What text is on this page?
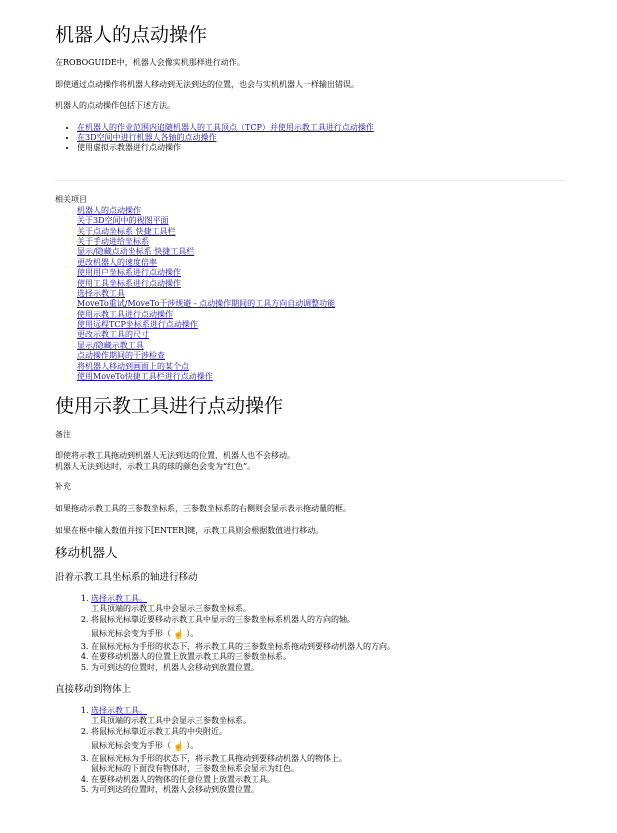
机器人的点动操作

在ROBOGUIDE中，机器人会像实机那样进行动作。

即使通过点动操作将机器人移动到无法到达的位置，也会与实机机器人一样输出错误。

机器人的点动操作包括下述方法。

• 在机器人的作业范围内追随机器人的工具顶点（TCP）并使用示教工具进行点动操作
• 在3D空间中进行机器人各轴的点动操作
• 使用虚拟示教器进行点动操作
相关项目
机器人的点动操作
关于3D空间中的视图平面
关于点动坐标系 快捷工具栏
关于手动进给坐标系
显示/隐藏点动坐标系 快捷工具栏
更改机器人的速度倍率
使用用户坐标系进行点动操作
使用工具坐标系进行点动操作
选择示教工具
MoveTo重试/MoveTo干涉规避 - 点动操作期间的工具方向自动调整功能
使用示教工具进行点动操作
使用远程TCP坐标系进行点动操作
更改示教工具的尺寸
显示/隐藏示教工具
点动操作期间的干涉检查
将机器人移动到画面上的某个点
使用MoveTo快捷工具栏进行点动操作
使用示教工具进行点动操作

备注

即使将示教工具拖动到机器人无法到达的位置，机器人也不会移动。

机器人无法到达时，示教工具的球的颜色会变为“红色”。

补充

如果拖动示教工具的三参数坐标系，三参数坐标系的右侧则会显示表示拖动量的框。

如果在框中输入数值并按下[ENTER]键，示教工具则会根据数值进行移动。

移动机器人
沿着示教工具坐标系的轴进行移动
1. 选择示教工具。
工具顶端的示教工具中会显示三参数坐标系。
2. 将鼠标光标靠近要移动示教工具中显示的三参数坐标系机器人的方向的轴。
鼠标光标会变为手形（ ☝ ）。
3. 在鼠标光标为手形的状态下，将示教工具的三参数坐标系拖动到要移动机器人的方向。
4. 在要移动机器人的位置上放置示教工具的三参数坐标系。
5. 为可到达的位置时，机器人会移动到放置位置。
直接移动到物体上
1. 选择示教工具。
工具顶端的示教工具中会显示三参数坐标系。
2. 将鼠标光标靠近示教工具的中央附近。
鼠标光标会变为手形（ ☝ ）。
3. 在鼠标光标为手形的状态下，将示教工具拖动到要移动机器人的物体上。
鼠标光标的下面没有物体时，三参数坐标系会显示为红色。
4. 在要移动机器人的物体的任意位置上放置示教工具。
5. 为可到达的位置时，机器人会移动到放置位置。
